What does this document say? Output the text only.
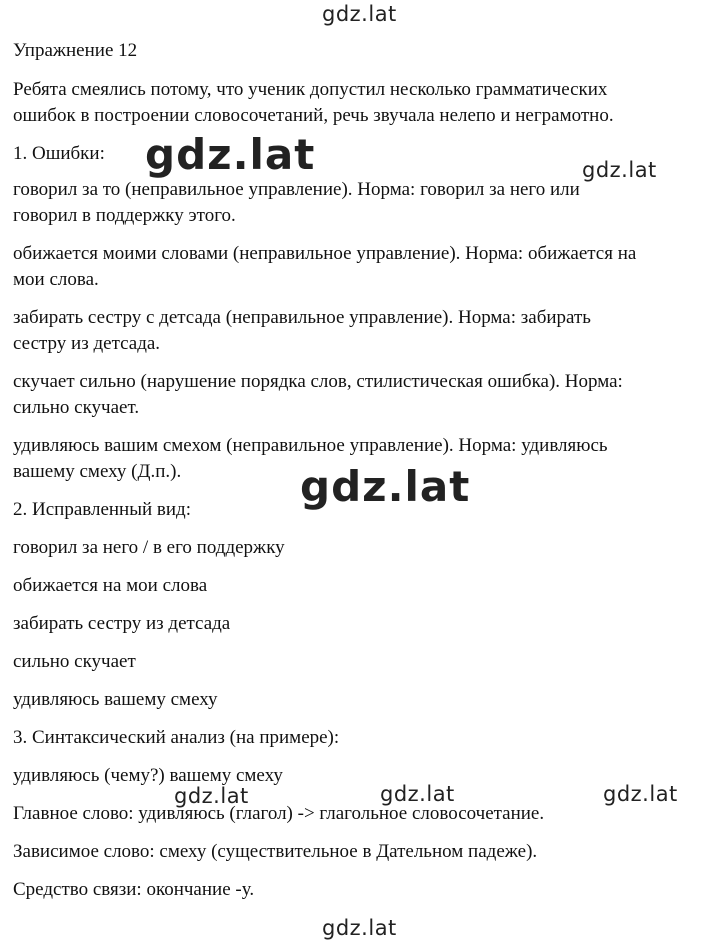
gdz.lat
Упражнение 12
Ребята смеялись потому, что ученик допустил несколько грамматических
ошибок в построении словосочетаний, речь звучала нелепо и неграмотно.
1. Ошибки: gdz.lat	gdz.lat
говорил за то (неправильное управление). Норма: говорил за него или
говорил в поддержку этого.
обижается моими словами (неправильное управление). Норма: обижается на
мои слова.
забирать сестру с детсада (неправильное управление). Норма: забирать
сестру из детсада.
скучает сильно (нарушение порядка слов, стилистическая ошибка). Норма:
сильно скучает.
удивляюсь вашим смехом (неправильное управление). Норма: удивляюсь
вашему смеху (Д.п.).	gdz.lat
2. Исправленный вид:
говорил за него / в его поддержку
обижается на мои слова
забирать сестру из детсада
сильно скучает
удивляюсь вашему смеху
3. Синтаксический анализ (на примере):
удивляюсь (чему?) вашему смеху
gdz.lat	gdz.lat	gdz.lat
Главное слово: удивляюсь (глагол) -> глагольное словосочетание.
Зависимое слово: смеху (существительное в Дательном падеже).
Средство связи: окончание -у.
gdz.lat
